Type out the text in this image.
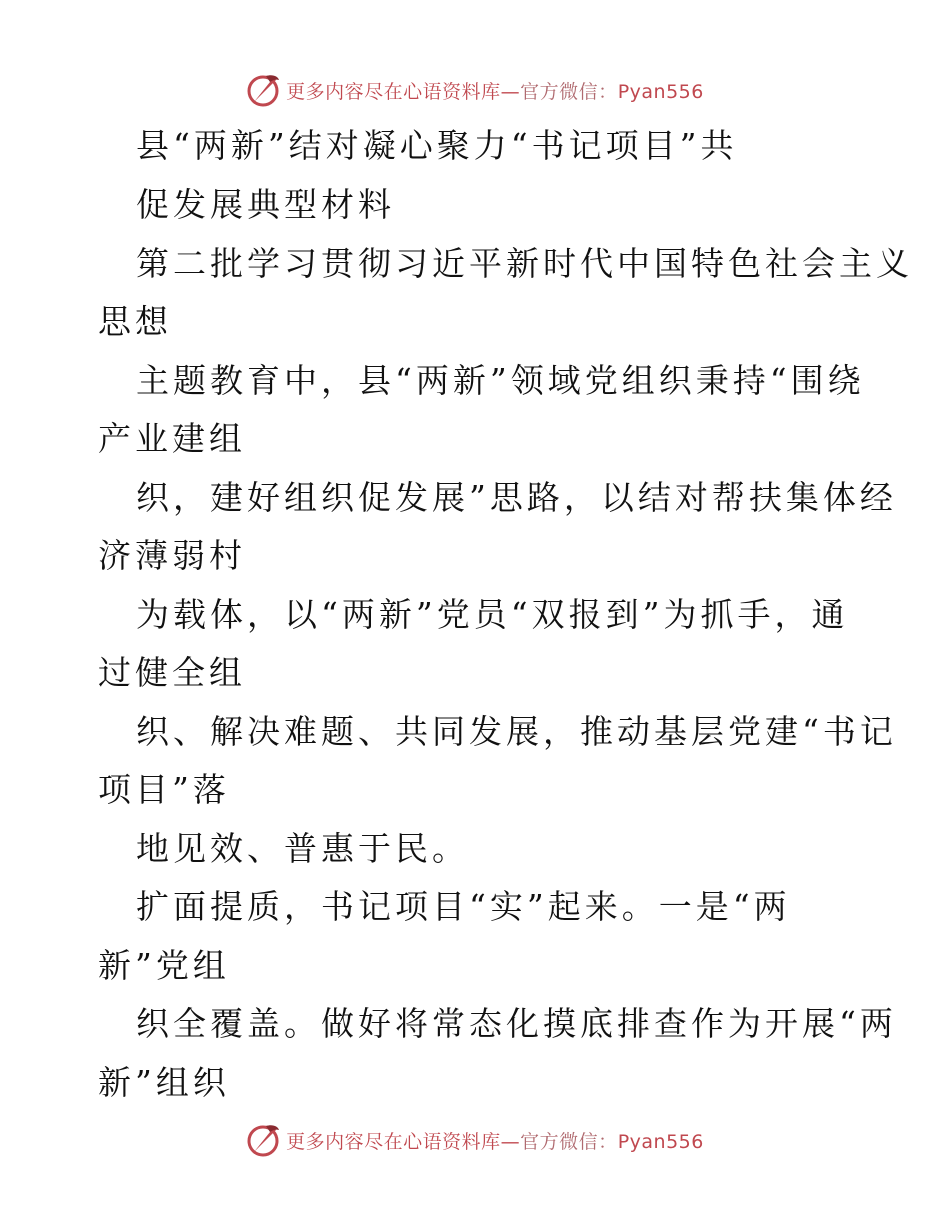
更多内容尽在心语资料库—官方微信：Pyan556
县“两新”结对凝心聚力“书记项目”共
促发展典型材料
第二批学习贯彻习近平新时代中国特色社会主义
思想
主题教育中，县“两新”领域党组织秉持“围绕
产业建组
织，建好组织促发展”思路，以结对帮扶集体经
济薄弱村
为载体，以“两新”党员“双报到”为抓手，通
过健全组
织、解决难题、共同发展，推动基层党建“书记
项目”落
地见效、普惠于民。
扩面提质，书记项目“实”起来。一是“两
新”党组
织全覆盖。做好将常态化摸底排查作为开展“两
新”组织
更多内容尽在心语资料库—官方微信：Pyan556
